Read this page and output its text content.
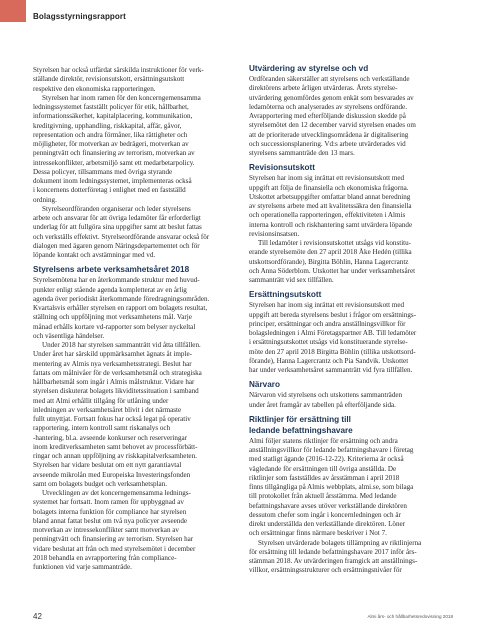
Bolagsstyrningsrapport
Styrelsen har också utfärdat särskilda instruktioner för verk-
ställande direktör, revisionsutskott, ersättningsutskott
respektive den ekonomiska rapporteringen.
Styrelsen har inom ramen för den koncerngemensamma
ledningssystemet fastställt policyer för etik, hållbarhet,
informationssäkerhet, kapitalplacering, kommunikation,
kreditgivning, upphandling, riskkapital, affär, gåvor,
representation och andra förmåner, lika rättigheter och
möjligheter, för motverkan av bedrägeri, motverkan av
penningtvätt och finansiering av terrorism, motverkan av
intressekonflikter, arbetsmiljö samt ett medarbetarpolicy.
Dessa policyer, tillsammans med övriga styrande
dokument inom ledningssystemet, implementeras också
i koncernens dotterföretag i enlighet med en fastställd
ordning.
Styrelseordföranden organiserar och leder styrelsens
arbete och ansvarar för att övriga ledamöter får erforderligt
underlag för att fullgöra sina uppgifter samt att beslut fattas
och verkställs effektivt. Styrelseordförande ansvarar också för
dialogen med ägaren genom Näringsdepartementet och för
löpande kontakt och avstämningar med vd.
Styrelsens arbete verksamhetsåret 2018
Styrelsemötena har en återkommande struktur med huvud-
punkter enligt stående agenda kompletterat av en årlig
agenda över periodiskt återkommande föredragningsområden.
Kvartalsvis erhåller styrelsen en rapport om bolagets resultat,
ställning och uppföljning mot verksamhetens mål. Varje
månad erhålls kortare vd-rapporter som belyser nyckeltal
och väsentliga händelser.
Under 2018 har styrelsen sammanträtt vid åtta tillfällen.
Under året har särskild uppmärksamhet ägnats åt imple-
mentering av Almis nya verksamhetsstrategi. Beslut har
fattats om målnivåer för de verksamhetsmål och strategiska
hållbarhetsmål som ingår i Almis målstruktur. Vidare har
styrelsen diskuterat bolagets likviditetssituation i samband
med att Almi erhållit tillgång för utlåning under
inledningen av verksamhetsåret blivit i det närmaste
fullt utnyttjat. Fortsatt fokus har också legat på operativ
rapportering, intern kontroll samt riskanalys och
-hantering, bl.a. avseende konkurser och reserveringar
inom kreditverksamheten samt behovet av processförbätt-
ringar och annan uppföljning av riskkapitalverksamheten.
Styrelsen har vidare beslutat om ett nytt garantiavtal
avseende mikrolån med Europeiska Investeringsfonden
samt om bolagets budget och verksamhetsplan.
Utvecklingen av det koncerngemensamma lednings-
systemet har fortsatt. Inom ramen för uppbyggnad av
bolagets interna funktion för compliance har styrelsen
bland annat fattat beslut om två nya policyer avseende
motverkan av intressekonflikter samt motverkan av
penningtvätt och finansiering av terrorism. Styrelsen har
vidare beslutat att från och med styrelsemötet i december
2018 behandla en avrapportering från compliance-
funktionen vid varje sammanträde.
Utvärdering av styrelse och vd
Ordföranden säkerställer att styrelsens och verkställande
direktörens arbete årligen utvärderas. Årets styrelse-
utvärdering genomfördes genom enkät som besvarades av
ledamöterna och analyserades av styrelsens ordförande.
Avrapportering med efterföljande diskussion skedde på
styrelsemötet den 12 december varvid styrelsen enades om
att de prioriterade utvecklingsområdena är digitalisering
och successionsplanering. Vd:s arbete utvärderades vid
styrelsens sammanträde den 13 mars.
Revisionsutskott
Styrelsen har inom sig inrättat ett revisionsutskott med
uppgift att följa de finansiella och ekonomiska frågorna.
Utskottet arbetsuppgifter omfattar bland annat beredning
av styrelsens arbete med att kvalitetssäkra den finansiella
och operationella rapporteringen, effektiviteten i Almis
interna kontroll och riskhantering samt utvärdera löpande
revisionsinsatsen.
Till ledamöter i revisionsutskottet utsågs vid konstitu-
erande styrelsemöte den 27 april 2018 Åke Hedén (tillika
utskottsordförande), Birgitta Böhlin, Hanna Lagercrantz
och Anna Söderblom. Utskottet har under verksamhetsåret
sammanträtt vid sex tillfällen.
Ersättningsutskott
Styrelsen har inom sig inrättat ett revisionsutskott med
uppgift att bereda styrelsens beslut i frågor om ersättnings-
principer, ersättningar och andra anställningsvillkor för
bolagsledningen i Almi Företagspartner AB. Till ledamöter
i ersättningsutskottet utsågs vid konstituerande styrelse-
möte den 27 april 2018 Birgitta Böhlin (tillika utskottsord-
förande), Hanna Lagercrantz och Pia Sandvik. Utskottet
har under verksamhetsåret sammanträtt vid fyra tillfällen.
Närvaro
Närvaron vid styrelsens och utskottens sammanträden
under året framgår av tabellen på efterföljande sida.
Riktlinjer för ersättning till
ledande befattningshavare
Almi följer statens riktlinjer för ersättning och andra
anställningsvillkor för ledande befattningshavare i företag
med statligt ägande (2016-12-22). Kriterierna är också
vägledande för ersättningen till övriga anställda. De
riktlinjer som fastställdes av årsstämman i april 2018
finns tillgängliga på Almis webbplats, almi.se, som bilaga
till protokollet från aktuell årsstämma. Med ledande
befattningshavare avses utöver verkställande direktören
dessutom chefer som ingår i koncernledningen och är
direkt underställda den verkställande direktören. Löner
och ersättningar finns närmare beskriver i Not 7.
Styrelsen utvärderade bolagets tillämpning av riktlinjerna
för ersättning till ledande befattningshavare 2017 inför års-
stämman 2018. Av utvärderingen framgick att anställnings-
villkor, ersättningsstrukturer och ersättningsnivåer för
42	Almi års- och hållbarhetsredovisning 2018
